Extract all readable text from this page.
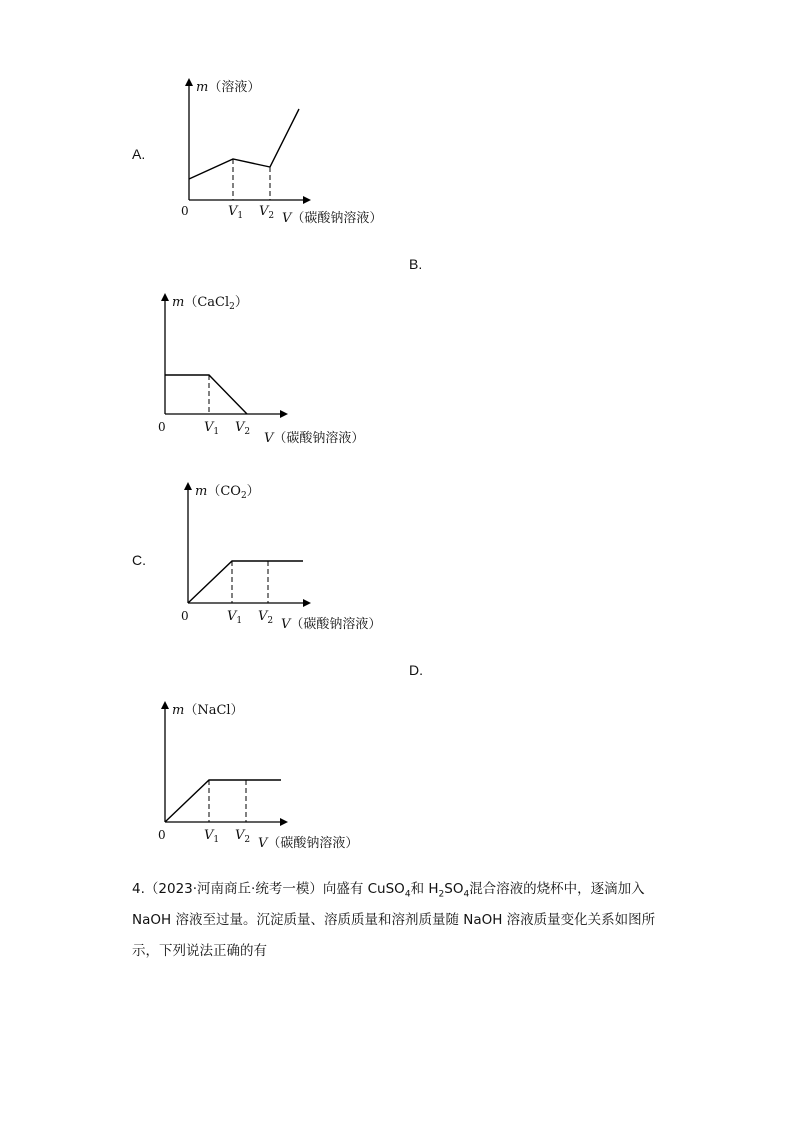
A.
B.
C.
D.
m（溶液）
0	$V_1$ $V_2$ V（碳酸钠溶液）
m（CaCl$_2$）
0	$V_1$ $V_2$ V（碳酸钠溶液）
$m(CO_2)$
0	$V_1$ $V_2$ V（碳酸钠溶液）
m（NaCl）
0	$V_1$ $V_2$ V（碳酸钠溶液）
4.（2023·河南商丘·统考一模）向盛有 CuSO$_4$和 $H_2SO_4$混合溶液的烧杯中，逐滴加入
NaOH 溶液至过量。沉淀质量、溶质质量和溶剂质量随 NaOH 溶液质量变化关系如图所
示，下列说法正确的有
